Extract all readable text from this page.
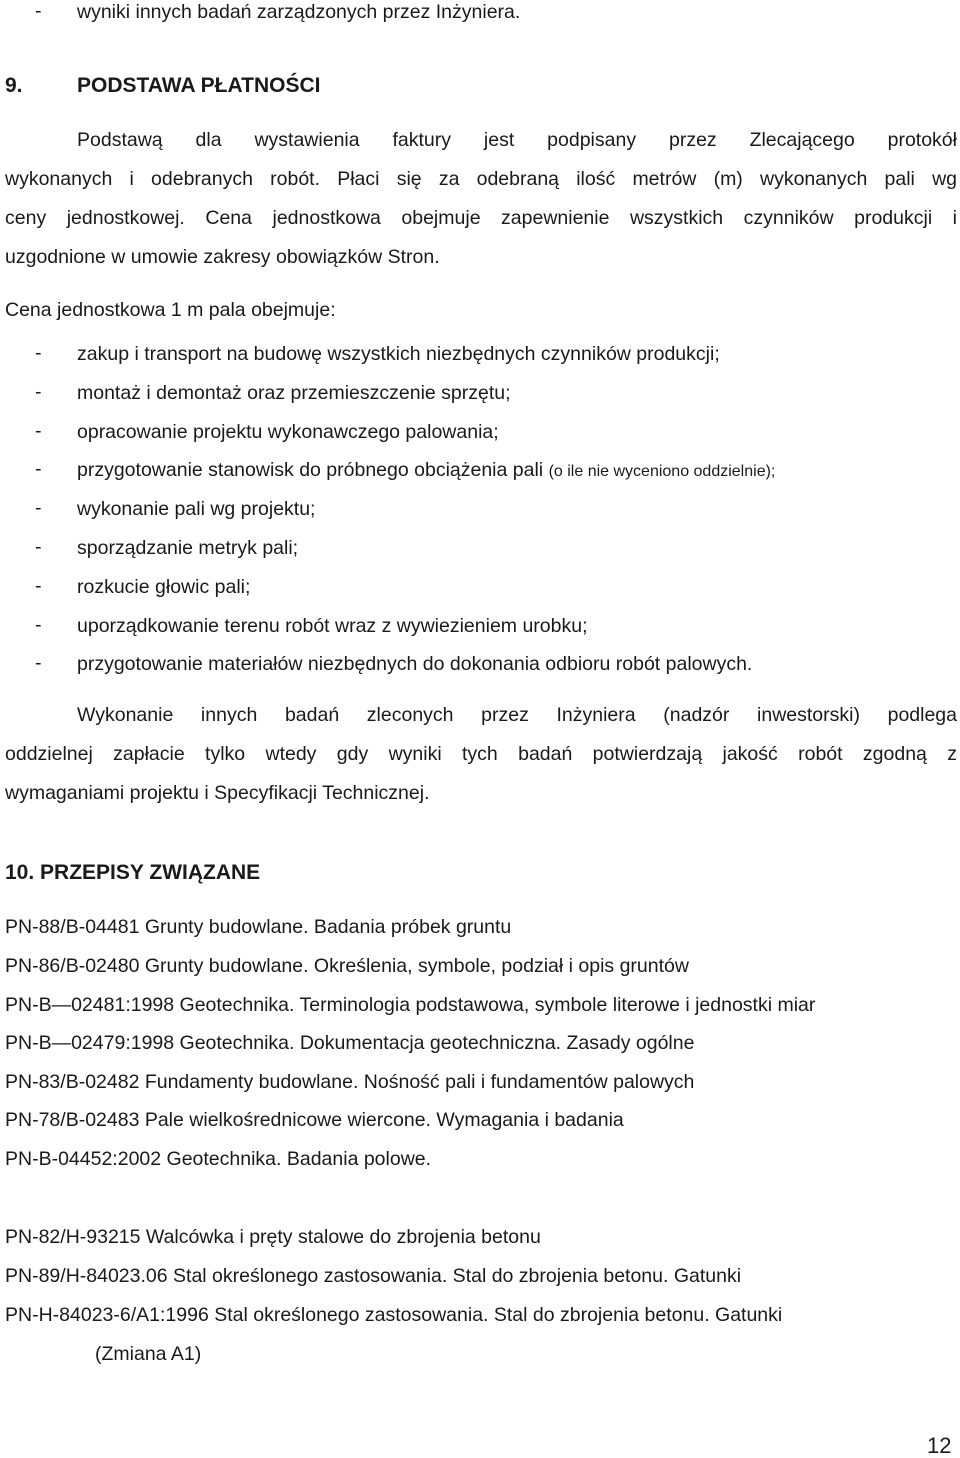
- wyniki innych badań zarządzonych przez Inżyniera.
9.	PODSTAWA PŁATNOŚCI
Podstawą dla wystawienia faktury jest podpisany przez Zlecającego protokół
wykonanych i odebranych robót. Płaci się za odebraną ilość metrów (m) wykonanych pali wg
ceny jednostkowej. Cena jednostkowa obejmuje zapewnienie wszystkich czynników produkcji i
uzgodnione w umowie zakresy obowiązków Stron.
Cena jednostkowa 1 m pala obejmuje:
- zakup i transport na budowę wszystkich niezbędnych czynników produkcji;
- montaż i demontaż oraz przemieszczenie sprzętu;
- opracowanie projektu wykonawczego palowania;
- przygotowanie stanowisk do próbnego obciążenia pali (o ile nie wyceniono oddzielnie);
- wykonanie pali wg projektu;
- sporządzanie metryk pali;
- rozkucie głowic pali;
- uporządkowanie terenu robót wraz z wywiezieniem urobku;
- przygotowanie materiałów niezbędnych do dokonania odbioru robót palowych.
Wykonanie innych badań zleconych przez Inżyniera (nadzór inwestorski) podlega
oddzielnej zapłacie tylko wtedy gdy wyniki tych badań potwierdzają jakość robót zgodną z
wymaganiami projektu i Specyfikacji Technicznej.
10. PRZEPISY ZWIĄZANE
PN-88/B-04481 Grunty budowlane. Badania próbek gruntu
PN-86/B-02480 Grunty budowlane. Określenia, symbole, podział i opis gruntów
PN-B—02481:1998 Geotechnika. Terminologia podstawowa, symbole literowe i jednostki miar
PN-B—02479:1998 Geotechnika. Dokumentacja geotechniczna. Zasady ogólne
PN-83/B-02482 Fundamenty budowlane. Nośność pali i fundamentów palowych
PN-78/B-02483 Pale wielkośrednicowe wiercone. Wymagania i badania
PN-B-04452:2002 Geotechnika. Badania polowe.
PN-82/H-93215 Walcówka i pręty stalowe do zbrojenia betonu
PN-89/H-84023.06 Stal określonego zastosowania. Stal do zbrojenia betonu. Gatunki
PN-H-84023-6/A1:1996 Stal określonego zastosowania. Stal do zbrojenia betonu. Gatunki
(Zmiana A1)
12
